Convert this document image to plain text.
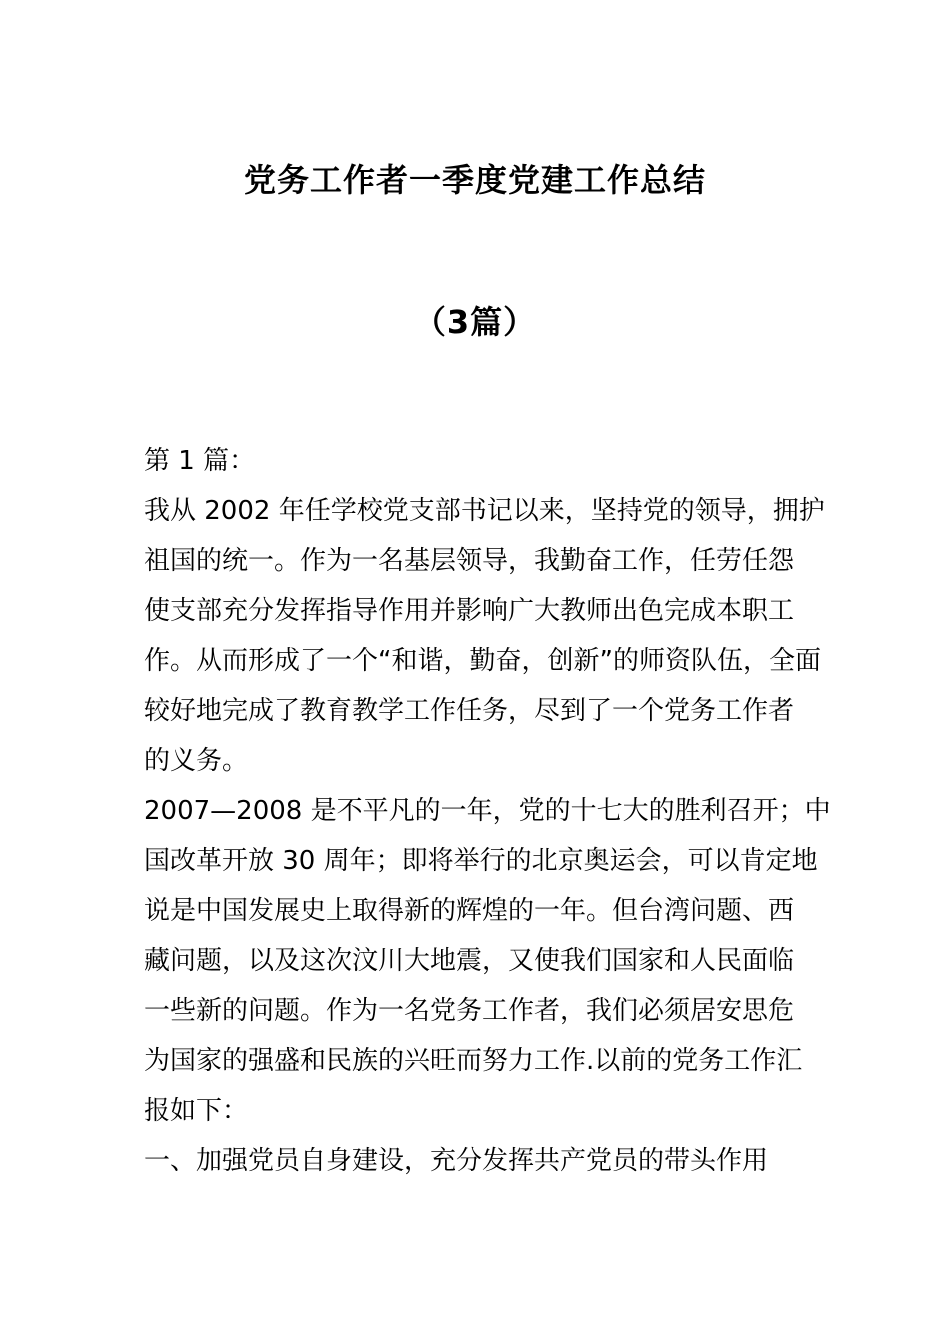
党务工作者一季度党建工作总结
（3篇）
第 1 篇：
我从 2002 年任学校党支部书记以来，坚持党的领导，拥护
祖国的统一。作为一名基层领导，我勤奋工作，任劳任怨
使支部充分发挥指导作用并影响广大教师出色完成本职工
作。从而形成了一个“和谐，勤奋，创新”的师资队伍，全面
较好地完成了教育教学工作任务，尽到了一个党务工作者
的义务。
2007—2008 是不平凡的一年，党的十七大的胜利召开；中
国改革开放 30 周年；即将举行的北京奥运会，可以肯定地
说是中国发展史上取得新的辉煌的一年。但台湾问题、西
藏问题，以及这次汶川大地震，又使我们国家和人民面临
一些新的问题。作为一名党务工作者，我们必须居安思危
为国家的强盛和民族的兴旺而努力工作.以前的党务工作汇
报如下：
一、加强党员自身建设，充分发挥共产党员的带头作用
